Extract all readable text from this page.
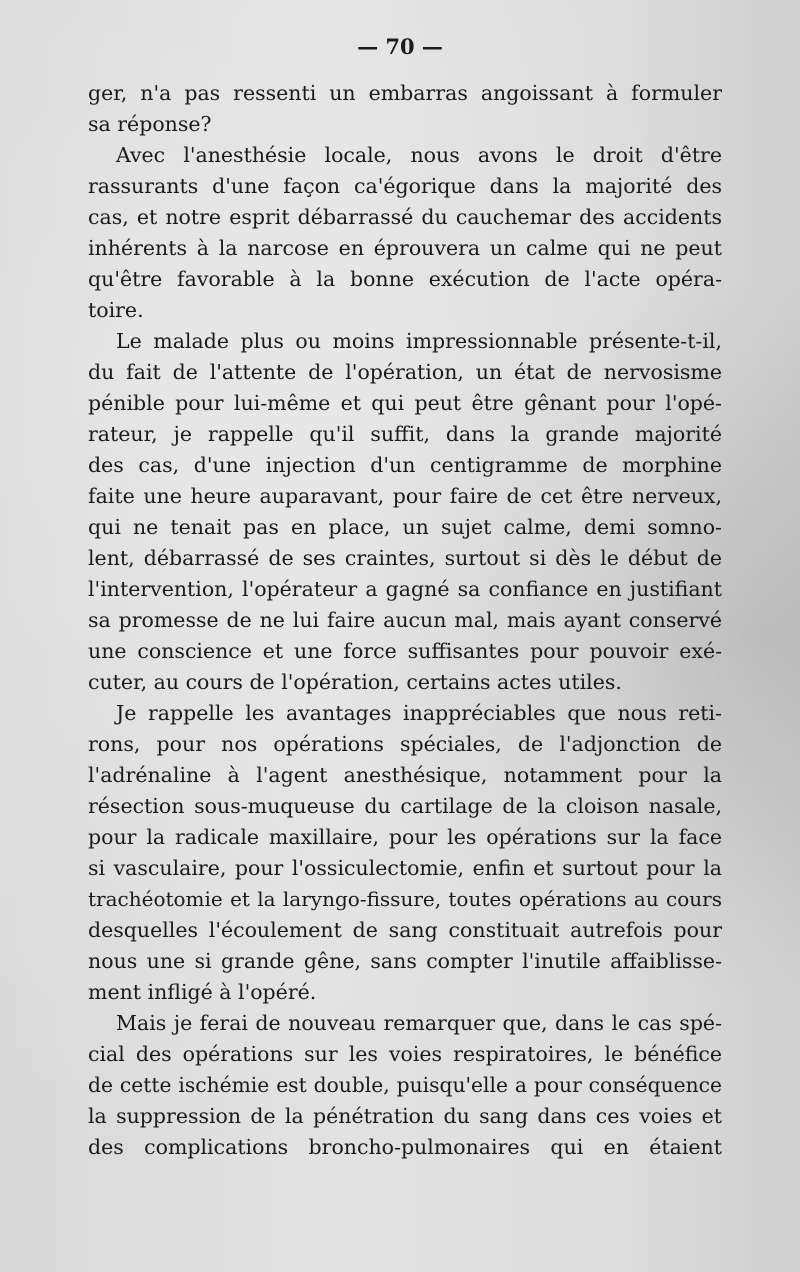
— 70 —
ger, n'a pas ressenti un embarras angoissant à formuler
sa réponse?
Avec l'anesthésie locale, nous avons le droit d'être
rassurants d'une façon ca'égorique dans la majorité des
cas, et notre esprit débarrassé du cauchemar des accidents
inhérents à la narcose en éprouvera un calme qui ne peut
qu'être favorable à la bonne exécution de l'acte opéra-
toire.
Le malade plus ou moins impressionnable présente-t-il,
du fait de l'attente de l'opération, un état de nervosisme
pénible pour lui-même et qui peut être gênant pour l'opé-
rateur, je rappelle qu'il suffit, dans la grande majorité
des cas, d'une injection d'un centigramme de morphine
faite une heure auparavant, pour faire de cet être nerveux,
qui ne tenait pas en place, un sujet calme, demi somno-
lent, débarrassé de ses craintes, surtout si dès le début de
l'intervention, l'opérateur a gagné sa confiance en justifiant
sa promesse de ne lui faire aucun mal, mais ayant conservé
une conscience et une force suffisantes pour pouvoir exé-
cuter, au cours de l'opération, certains actes utiles.
Je rappelle les avantages inappréciables que nous reti-
rons, pour nos opérations spéciales, de l'adjonction de
l'adrénaline à l'agent anesthésique, notamment pour la
résection sous-muqueuse du cartilage de la cloison nasale,
pour la radicale maxillaire, pour les opérations sur la face
si vasculaire, pour l'ossiculectomie, enfin et surtout pour la
trachéotomie et la laryngo-fissure, toutes opérations au cours
desquelles l'écoulement de sang constituait autrefois pour
nous une si grande gêne, sans compter l'inutile affaiblisse-
ment infligé à l'opéré.
Mais je ferai de nouveau remarquer que, dans le cas spé-
cial des opérations sur les voies respiratoires, le bénéfice
de cette ischémie est double, puisqu'elle a pour conséquence
la suppression de la pénétration du sang dans ces voies et
des complications broncho-pulmonaires qui en étaient
